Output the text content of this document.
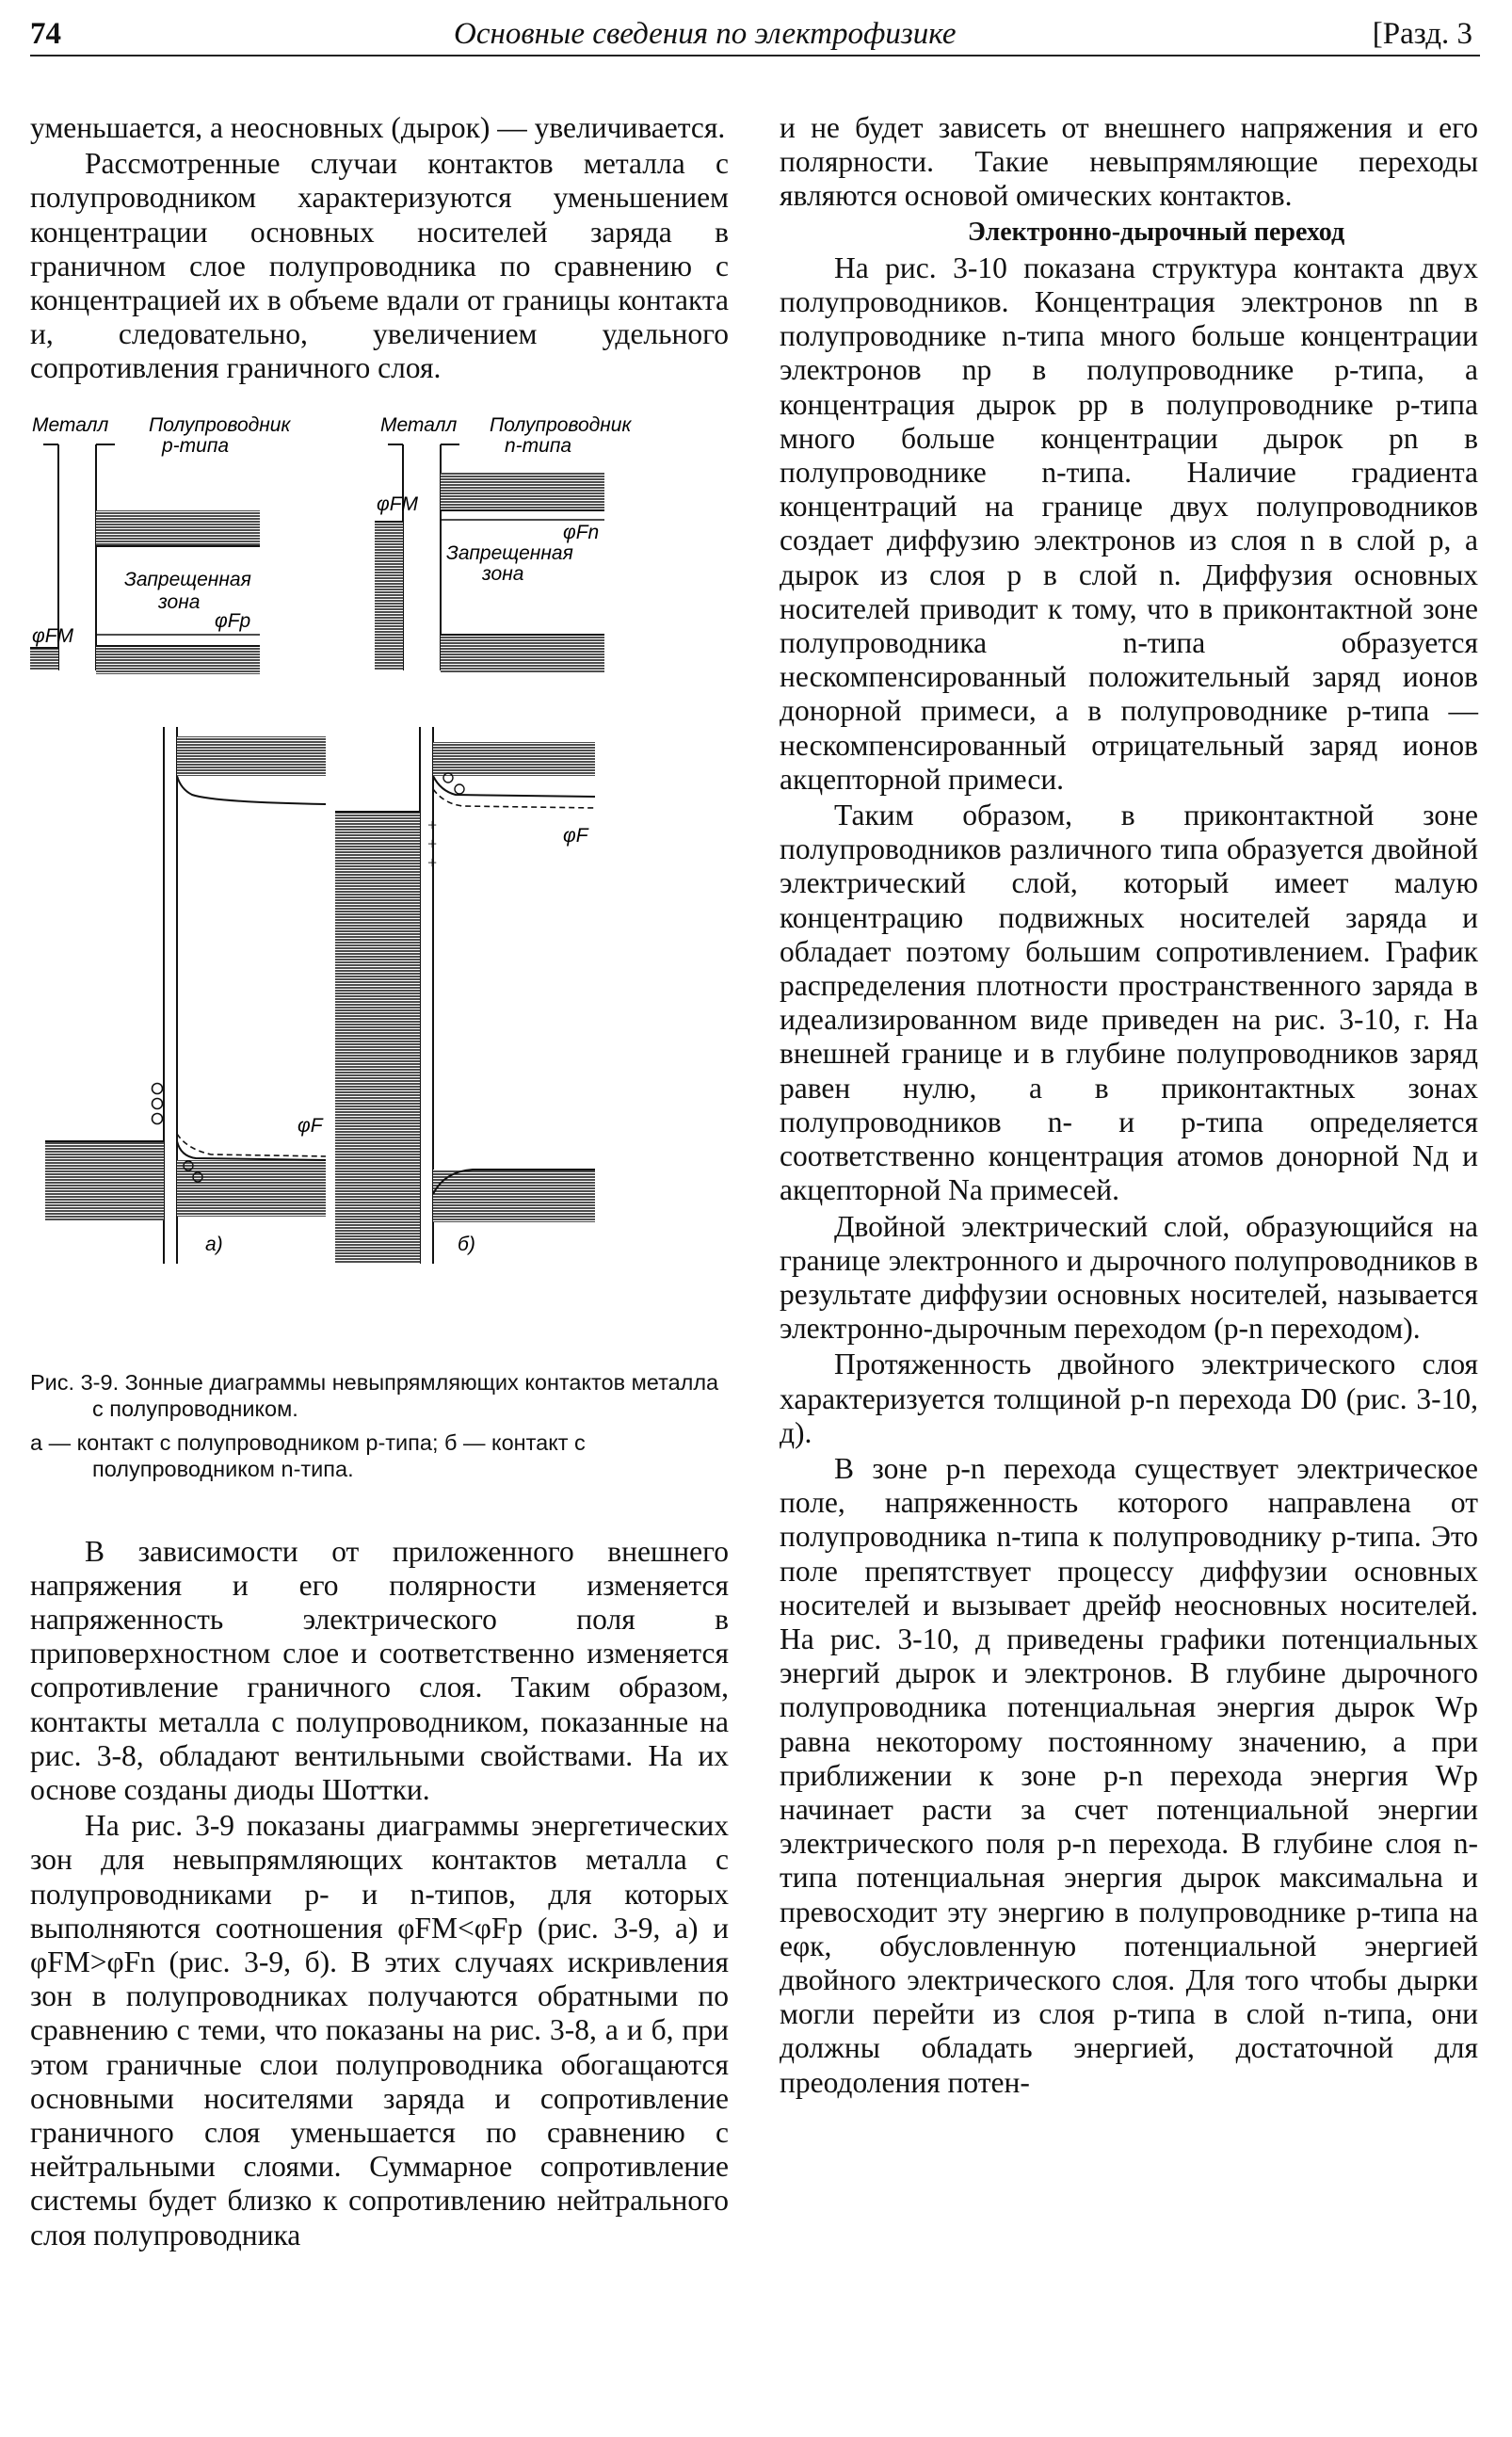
74	Основные сведения по электрофизике	[Разд. 3

уменьшается, а неосновных (дырок) — увеличивается.

Рассмотренные случаи контактов металла с полупроводником характеризуются уменьшением концентрации основных носителей заряда в граничном слое полупроводника по сравнению с концентрацией их в объеме вдали от границы контакта и, следовательно, увеличением удельного сопротивления граничного слоя.

Металл Полупроводник
p-типа
Запрещенная
зона
φFM
φFp
Металл Полупроводник
n-типа
Запрещенная
зона
φFM
φFn
φF
а)
+
+
+
φF
б)

Рис. 3-9. Зонные диаграммы невыпрямляющих контактов металла с полупроводником.

а — контакт с полупроводником p-типа; б — контакт с полупроводником n-типа.

В зависимости от приложенного внешнего напряжения и его полярности изменяется напряженность электрического поля в приповерхностном слое и соответственно изменяется сопротивление граничного слоя. Таким образом, контакты металла с полупроводником, показанные на рис. 3-8, обладают вентильными свойствами. На их основе созданы диоды Шоттки.

На рис. 3-9 показаны диаграммы энергетических зон для невыпрямляющих контактов металла с полупроводниками p- и n-типов, для которых выполняются соотношения φFM<φFp (рис. 3-9, а) и φFM>φFn (рис. 3-9, б). В этих случаях искривления зон в полупроводниках получаются обратными по сравнению с теми, что показаны на рис. 3-8, а и б, при этом граничные слои полупроводника обогащаются основными носителями заряда и сопротивление граничного слоя уменьшается по сравнению с нейтральными слоями. Суммарное сопротивление системы будет близко к сопротивлению нейтрального слоя полупроводника

и не будет зависеть от внешнего напряжения и его полярности. Такие невыпрямляющие переходы являются основой омических контактов.

Электронно-дырочный переход

На рис. 3-10 показана структура контакта двух полупроводников. Концентрация электронов nn в полупроводнике n-типа много больше концентрации электронов np в полупроводнике p-типа, а концентрация дырок pp в полупроводнике p-типа много больше концентрации дырок pn в полупроводнике n-типа. Наличие градиента концентраций на границе двух полупроводников создает диффузию электронов из слоя n в слой p, а дырок из слоя p в слой n. Диффузия основных носителей приводит к тому, что в приконтактной зоне полупроводника n-типа образуется нескомпенсированный положительный заряд ионов донорной примеси, а в полупроводнике p-типа — нескомпенсированный отрицательный заряд ионов акцепторной примеси.

Таким образом, в приконтактной зоне полупроводников различного типа образуется двойной электрический слой, который имеет малую концентрацию подвижных носителей заряда и обладает поэтому большим сопротивлением. График распределения плотности пространственного заряда в идеализированном виде приведен на рис. 3-10, г. На внешней границе и в глубине полупроводников заряд равен нулю, а в приконтактных зонах полупроводников n- и p-типа определяется соответственно концентрация атомов донорной Nд и акцепторной Na примесей.

Двойной электрический слой, образующийся на границе электронного и дырочного полупроводников в результате диффузии основных носителей, называется электронно-дырочным переходом (p-n переходом).

Протяженность двойного электрического слоя характеризуется толщиной p-n перехода D0 (рис. 3-10, д).

В зоне p-n перехода существует электрическое поле, напряженность которого направлена от полупроводника n-типа к полупроводнику p-типа. Это поле препятствует процессу диффузии основных носителей и вызывает дрейф неосновных носителей. На рис. 3-10, д приведены графики потенциальных энергий дырок и электронов. В глубине дырочного полупроводника потенциальная энергия дырок Wp равна некоторому постоянному значению, а при приближении к зоне p-n перехода энергия Wp начинает расти за счет потенциальной энергии электрического поля p-n перехода. В глубине слоя n-типа потенциальная энергия дырок максимальна и превосходит эту энергию в полупроводнике p-типа на eφк, обусловленную потенциальной энергией двойного электрического слоя. Для того чтобы дырки могли перейти из слоя p-типа в слой n-типа, они должны обладать энергией, достаточной для преодоления потен-
